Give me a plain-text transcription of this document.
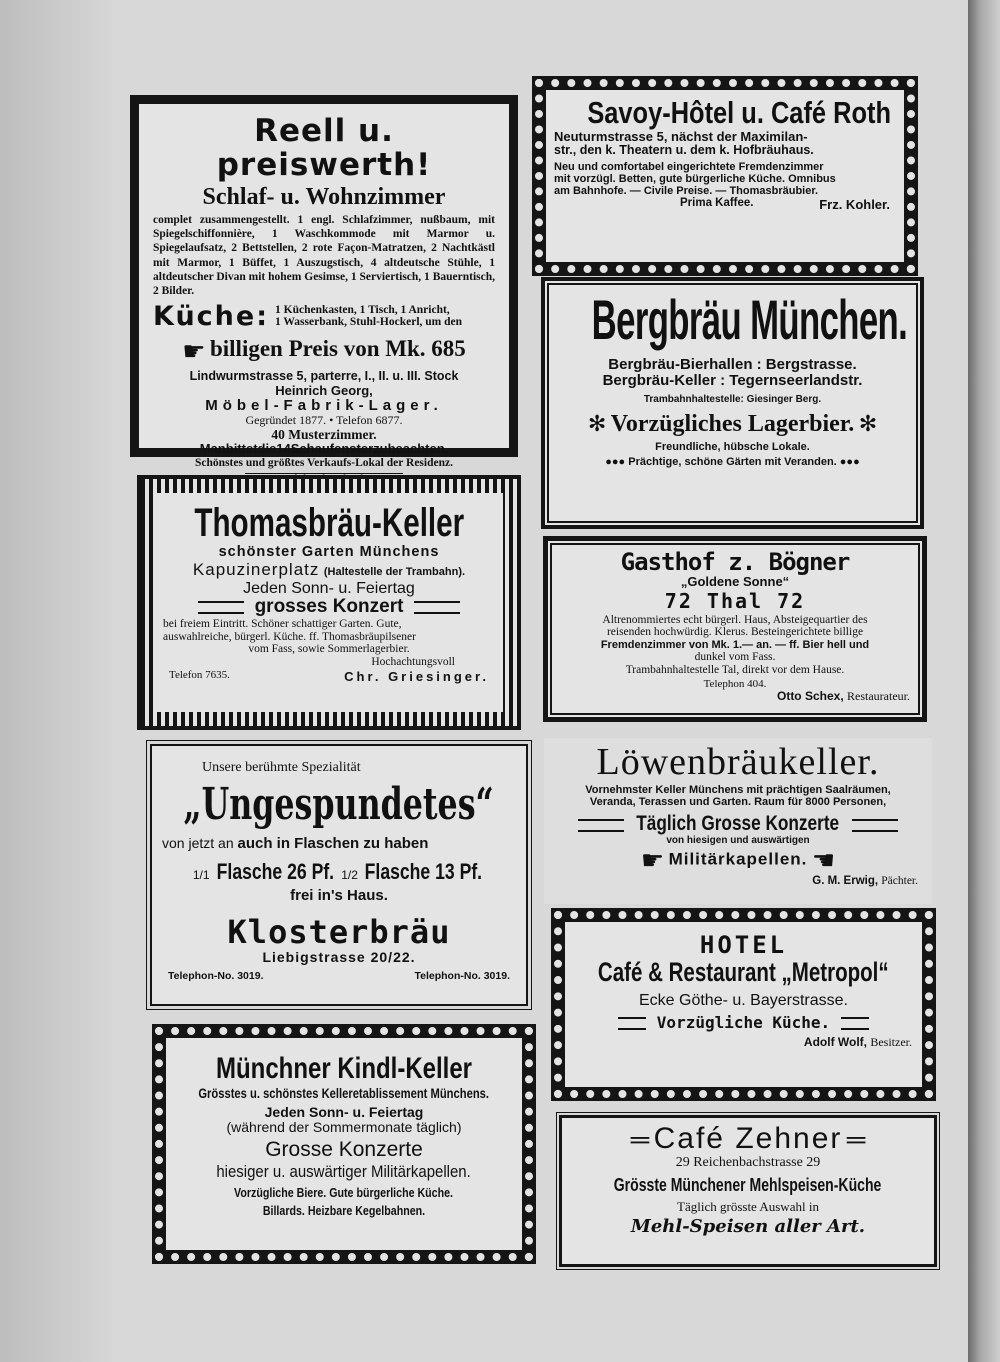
Reell u. preiswerth!

Schlaf- u. Wohnzimmer

complet zusammengestellt. 1 engl. Schlafzimmer, nußbaum, mit Spiegelschiffonnière, 1 Waschkommode mit Marmor u. Spiegelaufsatz, 2 Bettstellen, 2 rote Façon-Matratzen, 2 Nachtkästl mit Marmor, 1 Büffet, 1 Auszugstisch, 4 altdeutsche Stühle, 1 altdeutscher Divan mit hohem Gesimse, 1 Serviertisch, 1 Bauerntisch, 2 Bilder.

Küche: 1 Küchenkasten, 1 Tisch, 1 Anricht,
1 Wasserbank, Stuhl-Hockerl, um den

☛ billigen Preis von Mk. 685

Lindwurmstrasse 5, parterre, I., II. u. III. Stock

Heinrich Georg,

Möbel-Fabrik-Lager.

Gegründet 1877. • Telefon 6877.

40 Musterzimmer.

Manbittetdie14Schaufensterzubeachten.

Schönstes und größtes Verkaufs-Lokal der Residenz.

Savoy-Hôtel u. Café Roth

Neuturmstrasse 5, nächst der Maximilan-

str., den k. Theatern u. dem k. Hofbräuhaus.

Neu und comfortabel eingerichtete Fremdenzimmer

mit vorzügl. Betten, gute bürgerliche Küche. Omnibus

am Bahnhofe. — Civile Preise. — Thomasbräubier.

Prima Kaffee.	Frz. Kohler.

Bergbräu München.

Bergbräu-Bierhallen : Bergstrasse.

Bergbräu-Keller : Tegernseerlandstr.

Trambahnhaltestelle: Giesinger Berg.

✻ Vorzügliches Lagerbier. ✻

Freundliche, hübsche Lokale.

●●● Prächtige, schöne Gärten mit Veranden. ●●●

Thomasbräu-Keller

schönster Garten Münchens

Kapuzinerplatz (Haltestelle der Trambahn).

Jeden Sonn- u. Feiertag

grosses Konzert

bei freiem Eintritt. Schöner schattiger Garten. Gute,

auswahlreiche, bürgerl. Küche. ff. Thomasbräupilsener

vom Fass, sowie Sommerlagerbier.

Hochachtungsvoll

Telefon 7635.	Chr. Griesinger.

Gasthof z. Bögner

„Goldene Sonne“

72 Thal 72

Altrenommiertes echt bürgerl. Haus, Absteigequartier des

reisenden hochwürdig. Klerus. Besteingerichtete billige

Fremdenzimmer von Mk. 1.— an. — ff. Bier hell und

dunkel vom Fass.

Trambahnhaltestelle Tal, direkt vor dem Hause.

Telephon 404.

Otto Schex, Restaurateur.

Unsere berühmte Spezialität

„Ungespundetes“

von jetzt an auch in Flaschen zu haben

1/1 Flasche 26 Pf. 1/2 Flasche 13 Pf.

frei in's Haus.

Klosterbräu

Liebigstrasse 20/22.

Telephon-No. 3019.	Telephon-No. 3019.

Löwenbräukeller.

Vornehmster Keller Münchens mit prächtigen Saalräumen,

Veranda, Terassen und Garten. Raum für 8000 Personen,

Täglich Grosse Konzerte

von hiesigen und auswärtigen

☛ Militärkapellen. ☚

G. M. Erwig, Pächter.

HOTEL

Café & Restaurant „Metropol“

Ecke Göthe- u. Bayerstrasse.

Vorzügliche Küche.

Adolf Wolf, Besitzer.

Münchner Kindl-Keller

Grösstes u. schönstes Kelleretablissement Münchens.

Jeden Sonn- u. Feiertag

(während der Sommermonate täglich)

Grosse Konzerte

hiesiger u. auswärtiger Militärkapellen.

Vorzügliche Biere. Gute bürgerliche Küche.

Billards. Heizbare Kegelbahnen.

═ Café Zehner ═

29 Reichenbachstrasse 29

Grösste Münchener Mehlspeisen-Küche

Täglich grösste Auswahl in

Mehl-Speisen aller Art.
